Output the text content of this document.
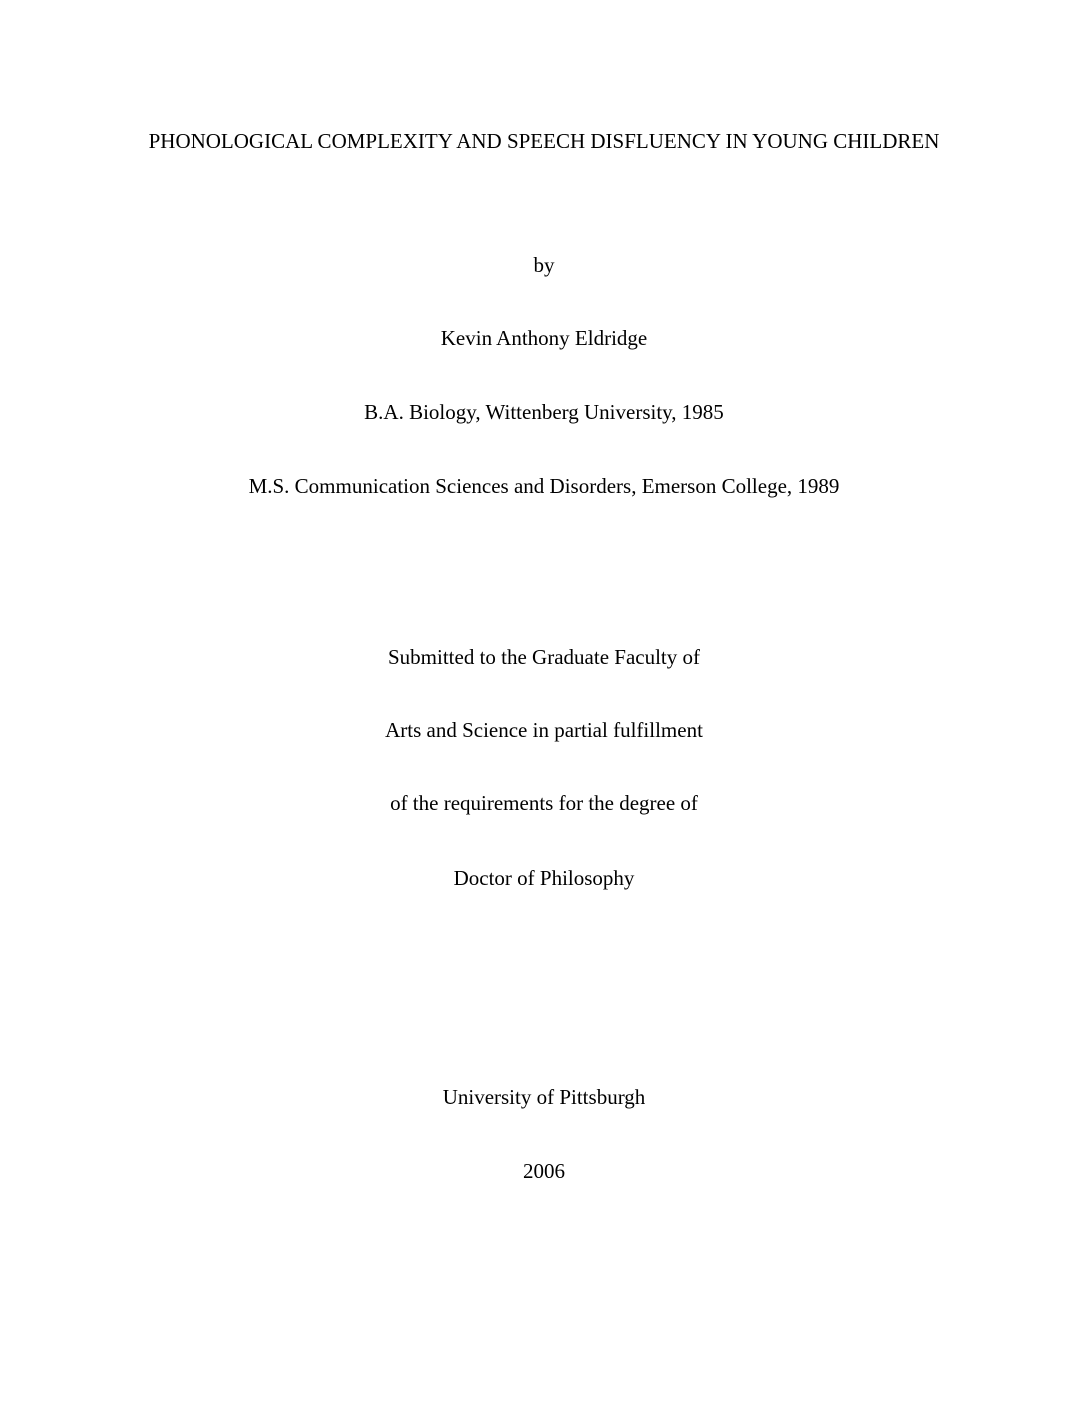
PHONOLOGICAL COMPLEXITY AND SPEECH DISFLUENCY IN YOUNG CHILDREN
by
Kevin Anthony Eldridge
B.A. Biology, Wittenberg University, 1985
M.S. Communication Sciences and Disorders, Emerson College, 1989
Submitted to the Graduate Faculty of
Arts and Science in partial fulfillment
of the requirements for the degree of
Doctor of Philosophy
University of Pittsburgh
2006
